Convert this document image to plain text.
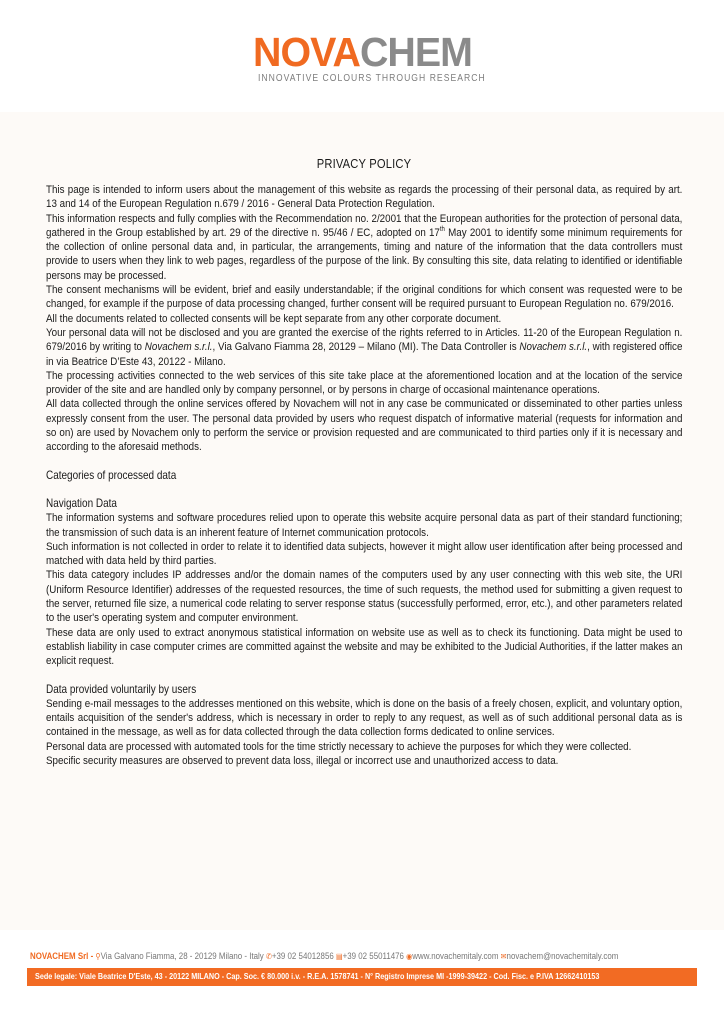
NOVACHEM
INNOVATIVE COLOURS THROUGH RESEARCH
PRIVACY POLICY

This page is intended to inform users about the management of this website as regards the processing of their personal data, as required by art. 13 and 14 of the European Regulation n.679 / 2016 - General Data Protection Regulation.

This information respects and fully complies with the Recommendation no. 2/2001 that the European authorities for the protection of personal data, gathered in the Group established by art. 29 of the directive n. 95/46 / EC, adopted on 17th May 2001 to identify some minimum requirements for the collection of online personal data and, in particular, the arrangements, timing and nature of the information that the data controllers must provide to users when they link to web pages, regardless of the purpose of the link. By consulting this site, data relating to identified or identifiable persons may be processed.

The consent mechanisms will be evident, brief and easily understandable; if the original conditions for which consent was requested were to be changed, for example if the purpose of data processing changed, further consent will be required pursuant to European Regulation no. 679/2016.

All the documents related to collected consents will be kept separate from any other corporate document.

Your personal data will not be disclosed and you are granted the exercise of the rights referred to in Articles. 11-20 of the European Regulation n. 679/2016 by writing to Novachem s.r.l., Via Galvano Fiamma 28, 20129 – Milano (MI). The Data Controller is Novachem s.r.l., with registered office in via Beatrice D’Este 43, 20122 - Milano.

The processing activities connected to the web services of this site take place at the aforementioned location and at the location of the service provider of the site and are handled only by company personnel, or by persons in charge of occasional maintenance operations.

All data collected through the online services offered by Novachem will not in any case be communicated or disseminated to other parties unless expressly consent from the user. The personal data provided by users who request dispatch of informative material (requests for information and so on) are used by Novachem only to perform the service or provision requested and are communicated to third parties only if it is necessary and according to the aforesaid methods.

Categories of processed data

Navigation Data

The information systems and software procedures relied upon to operate this website acquire personal data as part of their standard functioning; the transmission of such data is an inherent feature of Internet communication protocols.

Such information is not collected in order to relate it to identified data subjects, however it might allow user identification after being processed and matched with data held by third parties.

This data category includes IP addresses and/or the domain names of the computers used by any user connecting with this web site, the URI (Uniform Resource Identifier) addresses of the requested resources, the time of such requests, the method used for submitting a given request to the server, returned file size, a numerical code relating to server response status (successfully performed, error, etc.), and other parameters related to the user's operating system and computer environment.

These data are only used to extract anonymous statistical information on website use as well as to check its functioning. Data might be used to establish liability in case computer crimes are committed against the website and may be exhibited to the Judicial Authorities, if the latter makes an explicit request.

Data provided voluntarily by users

Sending e-mail messages to the addresses mentioned on this website, which is done on the basis of a freely chosen, explicit, and voluntary option, entails acquisition of the sender's address, which is necessary in order to reply to any request, as well as of such additional personal data as is contained in the message, as well as for data collected through the data collection forms dedicated to online services.

Personal data are processed with automated tools for the time strictly necessary to achieve the purposes for which they were collected.

Specific security measures are observed to prevent data loss, illegal or incorrect use and unauthorized access to data.

NOVACHEM Srl - ⚲Via Galvano Fiamma, 28 - 20129 Milano - Italy ✆+39 02 54012856 ▤+39 02 55011476 ◉www.novachemitaly.com ✉novachem@novachemitaly.com
Sede legale: Viale Beatrice D'Este, 43 - 20122 MILANO - Cap. Soc. € 80.000 i.v. - R.E.A. 1578741 - N° Registro Imprese MI -1999-39422 - Cod. Fisc. e P.IVA 12662410153
